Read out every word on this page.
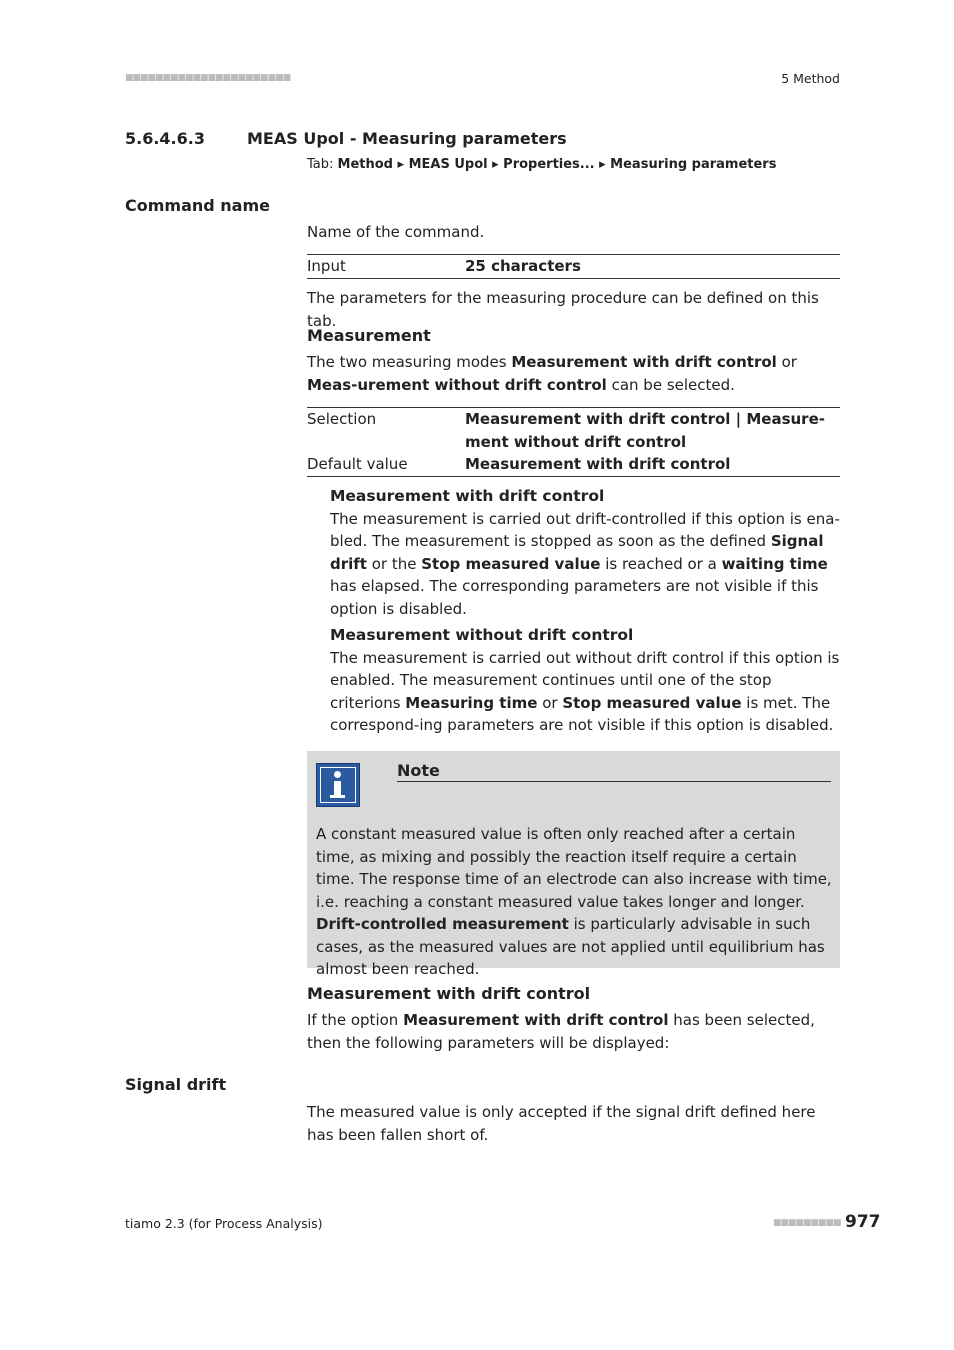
■■■■■■■■■■■■■■■■■■■■■■	5 Method
5.6.4.6.3	MEAS Upol - Measuring parameters
Tab: Method ▸ MEAS Upol ▸ Properties... ▸ Measuring parameters
Command name
Name of the command.
Input	25 characters
The parameters for the measuring procedure can be defined on this tab.
Measurement
The two measuring modes Measurement with drift control or Meas-urement without drift control can be selected.
Selection	Measurement with drift control | Measure-ment without drift control
Default value	Measurement with drift control
Measurement with drift control
The measurement is carried out drift-controlled if this option is ena-bled. The measurement is stopped as soon as the defined Signal drift or the Stop measured value is reached or a waiting time has elapsed. The corresponding parameters are not visible if this option is disabled.
Measurement without drift control
The measurement is carried out without drift control if this option is enabled. The measurement continues until one of the stop criterions Measuring time or Stop measured value is met. The correspond-ing parameters are not visible if this option is disabled.
Note
A constant measured value is often only reached after a certain time, as mixing and possibly the reaction itself require a certain time. The response time of an electrode can also increase with time, i.e. reaching a constant measured value takes longer and longer. Drift-controlled measurement is particularly advisable in such cases, as the measured values are not applied until equilibrium has almost been reached.
Measurement with drift control
If the option Measurement with drift control has been selected, then the following parameters will be displayed:
Signal drift
The measured value is only accepted if the signal drift defined here has been fallen short of.
tiamo 2.3 (for Process Analysis)	■■■■■■■■■ 977
